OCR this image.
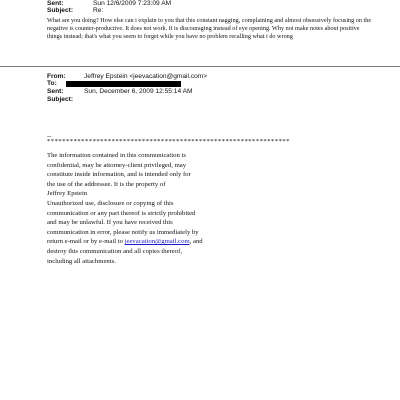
Sent:	Sun 12/6/2009 7:23:09 AM
Subject:	Re:
What are you doing? How else can i explain to you that this constant nagging, complaining and almost obsessively focusing on the negative is counter-productive. It does not work. It is discouraging instead of eye opening. Why not make notes about positive things instead; that's what you seem to forget while you have no problem recalling what i do wrong
From:	Jeffrey Epstein <jeevacation@gmail.com>
To:
Sent:	Sun, December 6, 2009 12:55:14 AM
Subject:
--
****************************************************************
The information contained in this communication is
confidential, may be attorney-client privileged, may
constitute inside information, and is intended only for
the use of the addressee. It is the property of
Jeffrey Epstein
Unauthorized use, disclosure or copying of this
communication or any part thereof is strictly prohibited
and may be unlawful. If you have received this
communication in error, please notify us immediately by
return e-mail or by e-mail to jeevacation@gmail.com, and
destroy this communication and all copies thereof,
including all attachments.
